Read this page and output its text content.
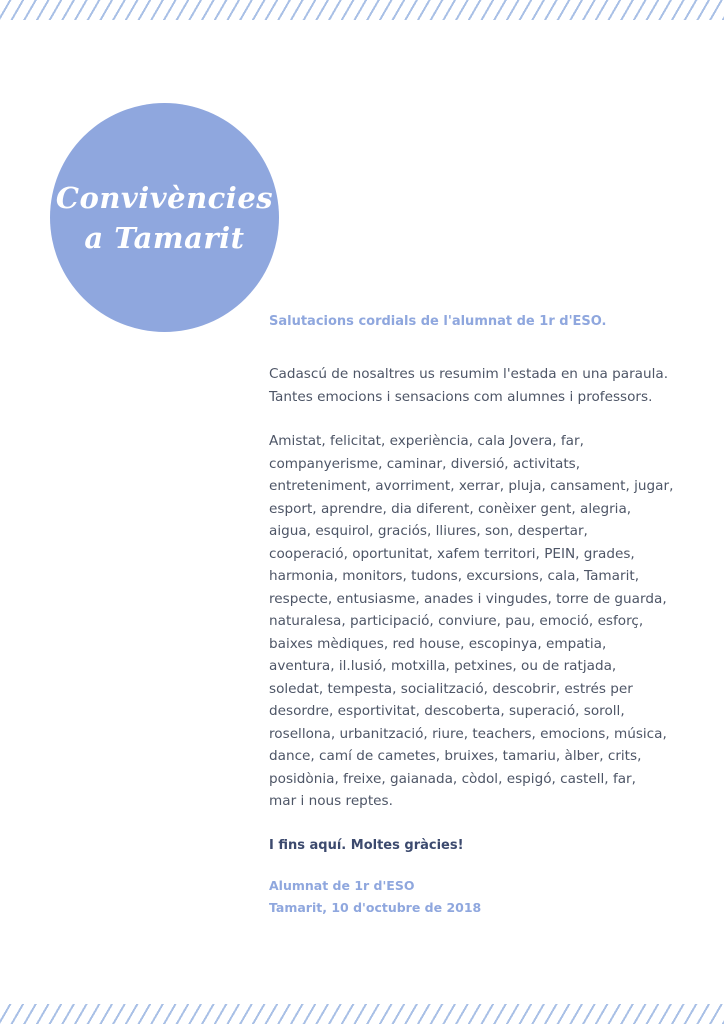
Convivències
a Tamarit

Salutacions cordials de l'alumnat de 1r d'ESO.

Cadascú de nosaltres us resumim l'estada en una paraula.

Tantes emocions i sensacions com alumnes i professors.

Amistat, felicitat, experiència, cala Jovera, far,
companyerisme, caminar, diversió, activitats,
entreteniment, avorriment, xerrar, pluja, cansament, jugar,
esport, aprendre, dia diferent, conèixer gent, alegria,
aigua, esquirol, graciós, lliures, son, despertar,
cooperació, oportunitat, xafem territori, PEIN, grades,
harmonia, monitors, tudons, excursions, cala, Tamarit,
respecte, entusiasme, anades i vingudes, torre de guarda,
naturalesa, participació, conviure, pau, emoció, esforç,
baixes mèdiques, red house, escopinya, empatia,
aventura, il.lusió, motxilla, petxines, ou de ratjada,
soledat, tempesta, socialització, descobrir, estrés per
desordre, esportivitat, descoberta, superació, soroll,
rosellona, urbanització, riure, teachers, emocions, música,
dance, camí de cametes, bruixes, tamariu, àlber, crits,
posidònia, freixe, gaianada, còdol, espigó, castell, far,
mar i nous reptes.
I fins aquí. Moltes gràcies!
Alumnat de 1r d'ESO
Tamarit, 10 d'octubre de 2018
